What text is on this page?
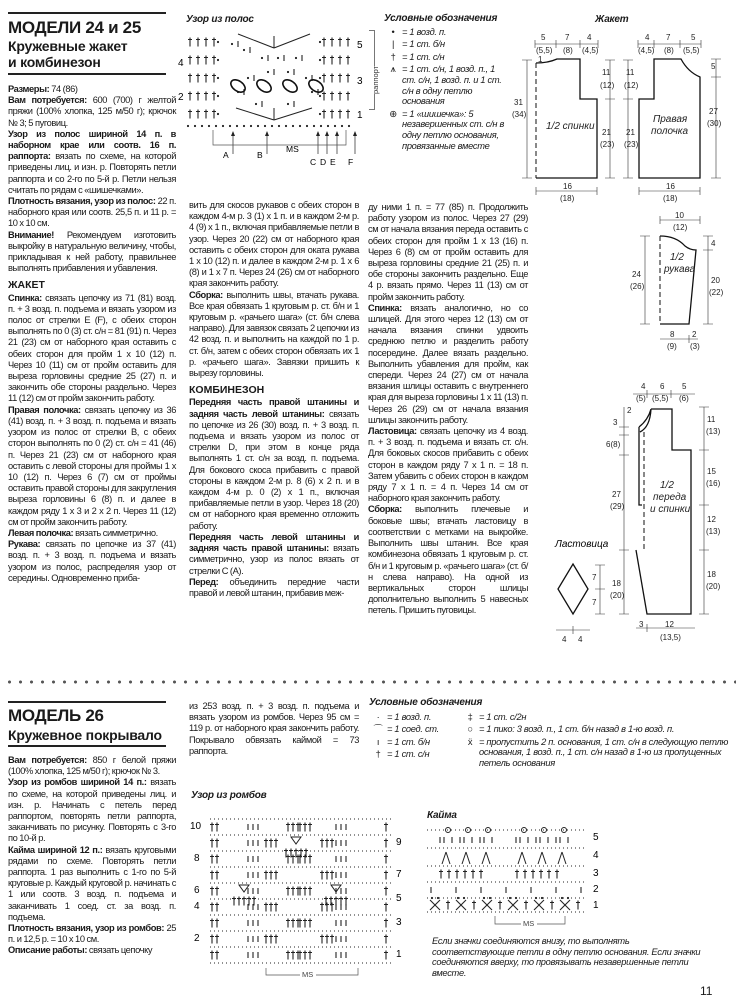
МОДЕЛИ 24 и 25
Кружевные жакет
и комбинезон

Размеры: 74 (86)

Вам потребуется: 600 (700) г желтой пряжи (100% хлопка, 125 м/50 г); крючок № 3; 5 пуговиц.

Узор из полос шириной 14 п. в наборном крае или соотв. 16 п. раппорта: вязать по схеме, на которой приведены лиц. и изн. р. Повторять петли раппорта и со 2-го по 5-й р. Петли нельзя считать по рядам с «шишечками».

Плотность вязания, узор из полос: 22 п. наборного края или соотв. 25,5 п. и 11 р. = 10 х 10 см.

Внимание! Рекомендуем изготовить выкройку в натуральную величину, чтобы, прикладывая к ней работу, правильнее выполнять прибавления и убавления.

ЖАКЕТ

Спинка: связать цепочку из 71 (81) возд. п. + 3 возд. п. подъема и вязать узором из полос от стрелки E (F), с обеих сторон выполнять по 0 (3) ст. с/н = 81 (91) п. Через 21 (23) см от наборного края оставить с обеих сторон для пройм 1 х 10 (12) п. Через 10 (11) см от пройм оставить для выреза горловины средние 25 (27) п. и закончить обе стороны раздельно. Через 11 (12) см от пройм закончить работу.

Правая полочка: связать цепочку из 36 (41) возд. п. + 3 возд. п. подъема и вязать узором из полос от стрелки B, с обеих сторон выполнять по 0 (2) ст. с/н = 41 (46) п. Через 21 (23) см от наборного края оставить с левой стороны для проймы 1 х 10 (12) п. Через 6 (7) см от проймы оставить правой стороны для закругления выреза горловины 6 (8) п. и далее в каждом ряду 1 х 3 и 2 х 2 п. Через 11 (12) см от пройм закончить работу.

Левая полочка: вязать симметрично.

Рукава: связать по цепочке из 37 (41) возд. п. + 3 возд. п. подъема и вязать узором из полос, распределяя узор от середины. Одновременно приба-

вить для скосов рукавов с обеих сторон в каждом 4-м р. 3 (1) х 1 п. и в каждом 2-м р. 4 (9) х 1 п., включая прибавляемые петли в узор. Через 20 (22) см от наборного края оставить с обеих сторон для оката рукава 1 х 10 (12) п. и далее в каждом 2-м р. 1 х 6 (8) и 1 х 7 п. Через 24 (26) см от наборного края закончить работу.

Сборка: выполнить швы, втачать рукава. Все края обвязать 1 круговым р. ст. б/н и 1 круговым р. «рачьего шага» (ст. б/н слева направо). Для завязок связать 2 цепочки из 42 возд. п. и выполнить на каждой по 1 р. ст. б/н, затем с обеих сторон обвязать их 1 р. «рачьего шага». Завязки пришить к вырезу горловины.

КОМБИНЕЗОН

Передняя часть правой штанины и задняя часть левой штанины: связать по цепочке из 26 (30) возд. п. + 3 возд. п. подъема и вязать узором из полос от стрелки D, при этом в конце ряда выполнять 1 ст. с/н за возд. п. подъема. Для бокового скоса прибавить с правой стороны в каждом 2-м р. 8 (6) х 2 п. и в каждом 4-м р. 0 (2) х 1 п., включая прибавляемые петли в узор. Через 18 (20) см от наборного края временно отложить работу.

Передняя часть левой штанины и задняя часть правой штанины: вязать симметрично, узор из полос вязать от стрелки C (A).

Перед: объединить передние части правой и левой штанин, прибавив меж-

ду ними 1 п. = 77 (85) п. Продолжить работу узором из полос. Через 27 (29) см от начала вязания переда оставить с обеих сторон для пройм 1 х 13 (16) п. Через 6 (8) см от пройм оставить для выреза горловины средние 21 (25) п. и обе стороны закончить раздельно. Еще 4 р. вязать прямо. Через 11 (13) см от пройм закончить работу.

Спинка: вязать аналогично, но со шлицей. Для этого через 12 (13) см от начала вязания спинки удвоить среднюю петлю и разделить работу посередине. Далее вязать раздельно. Выполнить убавления для пройм, как спереди. Через 24 (27) см от начала вязания шлицы оставить с внутреннего края для выреза горловины 1 х 11 (13) п. Через 26 (29) см от начала вязания шлицы закончить работу.

Ластовица: связать цепочку из 4 возд. п. + 3 возд. п. подъема и вязать ст. с/н. Для боковых скосов прибавить с обеих сторон в каждом ряду 7 х 1 п. = 18 п. Затем убавить с обеих сторон в каждом ряду 7 х 1 п. = 4 п. Через 14 см от наборного края закончить работу.

Сборка: выполнить плечевые и боковые швы; втачать ластовицу в соответствии с метками на выкройке. Выполнить швы штанин. Все края комбинезона обвязать 1 круговым р. ст. б/н и 1 круговым р. «рачьего шага» (ст. б/н слева направо). На одной из вертикальных сторон шлицы дополнительно выполнить 5 навесных петель. Пришить пуговицы.

Узор из полос
5
3
1
4
2
MS
A	B
C D E F
раппорт
Условные обозначения
• = 1 возд. п.
| = 1 ст. б/н
† = 1 ст. с/н
⩚ = 1 ст. с/н, 1 возд. п., 1 ст. с/н, 1 возд. п. и 1 ст. с/н в одну петлю основания
⊕ = 1 «шишечка»: 5 незавершенных ст. с/н в одну петлю основания, провязанные вместе
Жакет
1/2 спинки
5
(5,5)
7
(8)
4
(4,5)
31
(34)
1
11
(12)
21
(23)
16
(18)
Правая
полочка
4
(4,5)
7
(8)
5
(5,5)
11
(12)
21
(23)
5
27
(30)
16
(18)
1/2
рукава
10
(12)
24
(26)
4
20
(22)
8
(9)
2
(3)
1/2
переда
и спинки
4
(5)
6
(5,5)
5
(6)
2
3
6(8)
27
(29)
18
(20)
11
(13)
15
(16)
12
(13)
18
(20)
3	12
(13,5)
Ластовица
7
7
4 4
МОДЕЛЬ 26
Кружевное покрывало

Вам потребуется: 850 г белой пряжи (100% хлопка, 125 м/50 г); крючок № 3.

Узор из ромбов шириной 14 п.: вязать по схеме, на которой приведены лиц. и изн. р. Начинать с петель перед раппортом, повторять петли раппорта, заканчивать по рисунку. Повторять с 3-го по 10-й р.

Кайма шириной 12 п.: вязать круговыми рядами по схеме. Повторять петли раппорта. 1 раз выполнить с 1-го по 5-й круговые р. Каждый круговой р. начинать с 1 или соотв. 3 возд. п. подъема и заканчивать 1 соед. ст. за возд. п. подъема.

Плотность вязания, узор из ромбов: 25 п. и 12,5 р. = 10 х 10 см.

Описание работы: связать цепочку

из 253 возд. п. + 3 возд. п. подъема и вязать узором из ромбов. Через 95 см = 119 р. от наборного края закончить работу. Покрывало обвязать каймой = 73 раппорта.

Условные обозначения
· = 1 возд. п.
⌒ = 1 соед. ст.
ı = 1 ст. б/н
† = 1 ст. с/н
‡ = 1 ст. с/2н
○ = 1 пико: 3 возд. п., 1 ст. б/н назад в 1-ю возд. п.
ẍ = пропустить 2 п. основания, 1 ст. с/н в следующую петлю основания, 1 возд. п., 1 ст. с/н назад в 1-ю из пропущенных петель основания
Узор из ромбов
10
8
6
4
2
9
7
5
3
1
MS
Кайма
5
4
3
2
1
MS
Если значки соединяются внизу, то выполнять соответствующие петли в одну петлю основания. Если значки соединяются вверху, то провязывать незавершенные петли вместе.
11
